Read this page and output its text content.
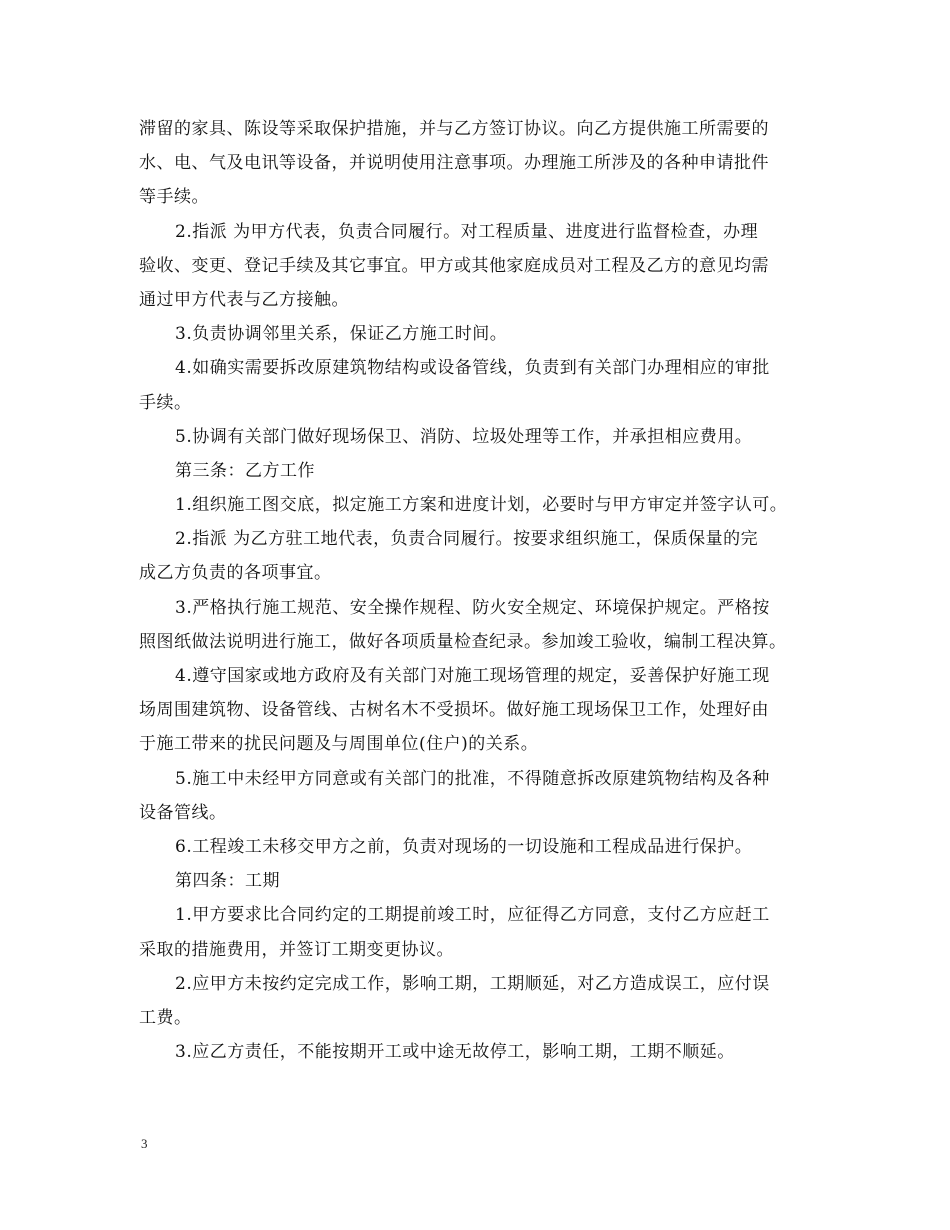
滞留的家具、陈设等采取保护措施，并与乙方签订协议。向乙方提供施工所需要的
水、电、气及电讯等设备，并说明使用注意事项。办理施工所涉及的各种申请批件
等手续。
2.指派 为甲方代表，负责合同履行。对工程质量、进度进行监督检查，办理
验收、变更、登记手续及其它事宜。甲方或其他家庭成员对工程及乙方的意见均需
通过甲方代表与乙方接触。
3.负责协调邻里关系，保证乙方施工时间。
4.如确实需要拆改原建筑物结构或设备管线，负责到有关部门办理相应的审批
手续。
5.协调有关部门做好现场保卫、消防、垃圾处理等工作，并承担相应费用。
第三条：乙方工作
1.组织施工图交底，拟定施工方案和进度计划，必要时与甲方审定并签字认可。
2.指派 为乙方驻工地代表，负责合同履行。按要求组织施工，保质保量的完
成乙方负责的各项事宜。
3.严格执行施工规范、安全操作规程、防火安全规定、环境保护规定。严格按
照图纸做法说明进行施工，做好各项质量检查纪录。参加竣工验收，编制工程决算。
4.遵守国家或地方政府及有关部门对施工现场管理的规定，妥善保护好施工现
场周围建筑物、设备管线、古树名木不受损坏。做好施工现场保卫工作，处理好由
于施工带来的扰民问题及与周围单位(住户)的关系。
5.施工中未经甲方同意或有关部门的批准，不得随意拆改原建筑物结构及各种
设备管线。
6.工程竣工未移交甲方之前，负责对现场的一切设施和工程成品进行保护。
第四条：工期
1.甲方要求比合同约定的工期提前竣工时，应征得乙方同意，支付乙方应赶工
采取的措施费用，并签订工期变更协议。
2.应甲方未按约定完成工作，影响工期，工期顺延，对乙方造成误工，应付误
工费。
3.应乙方责任，不能按期开工或中途无故停工，影响工期，工期不顺延。
3
